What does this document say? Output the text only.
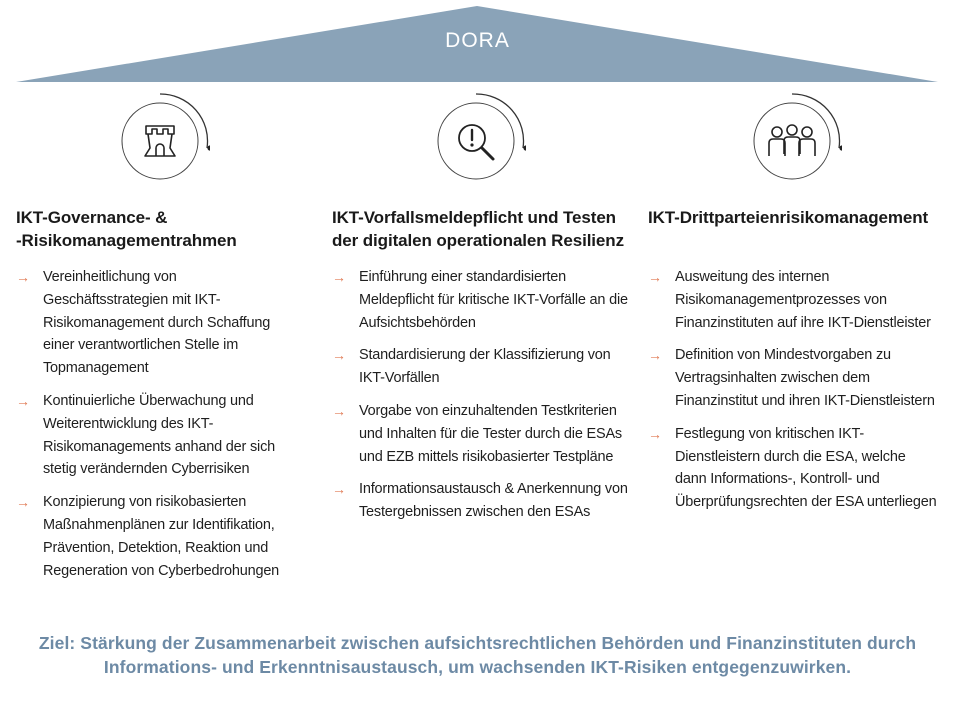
DORA
IKT-Governance- &
-Risikomanagementrahmen
→ Vereinheitlichung von Geschäftsstrategien mit IKT-Risikomanagement durch Schaffung einer verantwortlichen Stelle im Topmanagement
→ Kontinuierliche Überwachung und Weiterentwicklung des IKT-Risikomanagements anhand der sich stetig verändernden Cyberrisiken
→ Konzipierung von risikobasierten Maßnahmenplänen zur Identifikation, Prävention, Detektion, Reaktion und Regeneration von Cyberbedrohungen
IKT-Vorfallsmeldepflicht und Testen
der digitalen operationalen Resilienz
→ Einführung einer standardisierten Meldepflicht für kritische IKT-Vorfälle an die Aufsichtsbehörden
→ Standardisierung der Klassifizierung von IKT-Vorfällen
→ Vorgabe von einzuhaltenden Testkriterien und Inhalten für die Tester durch die ESAs und EZB mittels risikobasierter Testpläne
→ Informationsaustausch & Anerkennung von Testergebnissen zwischen den ESAs
IKT-Drittparteienrisikomanagement
→ Ausweitung des internen Risikomanagementprozesses von Finanzinstituten auf ihre IKT-Dienstleister
→ Definition von Mindestvorgaben zu Vertragsinhalten zwischen dem Finanzinstitut und ihren IKT-Dienstleistern
→ Festlegung von kritischen IKT-Dienstleistern durch die ESA, welche dann Informations-, Kontroll- und Überprüfungsrechten der ESA unterliegen
Ziel: Stärkung der Zusammenarbeit zwischen aufsichtsrechtlichen Behörden und Finanzinstituten durch
Informations- und Erkenntnisaustausch, um wachsenden IKT-Risiken entgegenzuwirken.
